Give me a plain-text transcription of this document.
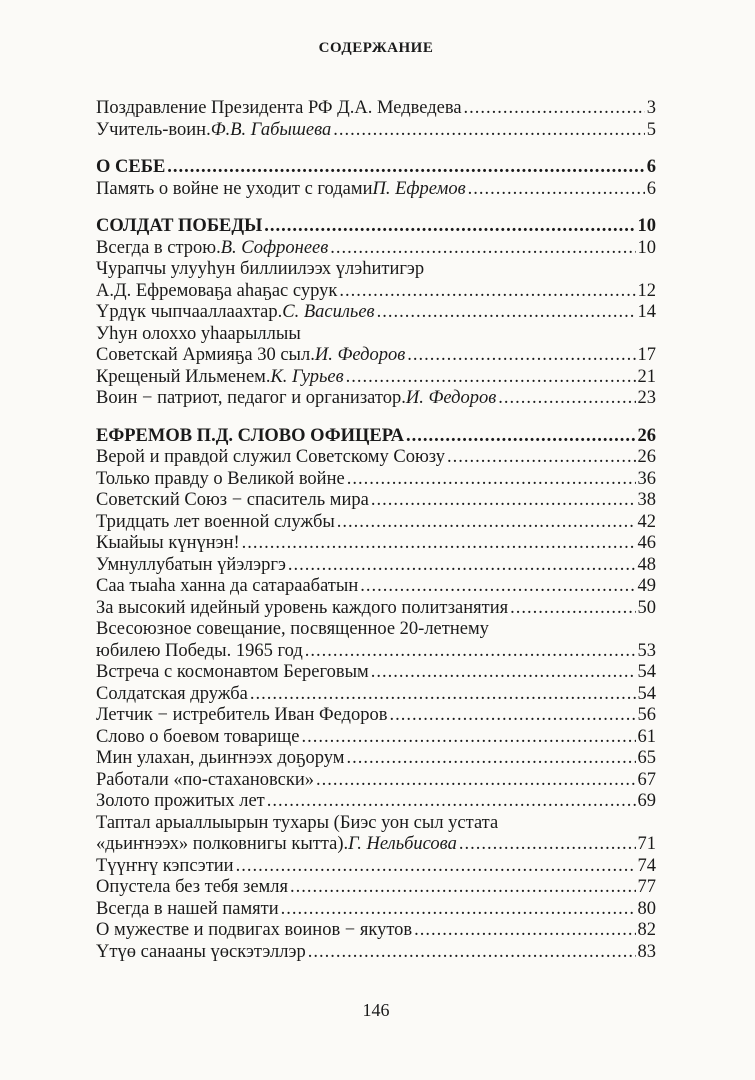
СОДЕРЖАНИЕ
Поздравление Президента РФ Д.А. Медведева .....	3
Учитель-воин. Ф.В. Габышева .....	5
О СЕБЕ .....	6
Память о войне не уходит с годами П. Ефремов .....	6
СОЛДАТ ПОБЕДЫ .....	10
Всегда в строю. В. Софронеев .....	10
Чурапчы улууһун биллиилээх үлэһитигэр
А.Д. Ефремоваҕа аһаҕас сурук .....	12
Үрдүк чыпчааллаахтар. С. Васильев .....	14
Уһун олоххо уһаарыллыы
Советскай Армияҕа 30 сыл. И. Федоров .....	17
Крещеный Ильменем. К. Гурьев .....	21
Воин − патриот, педагог и организатор. И. Федоров .....	23
ЕФРЕМОВ П.Д. СЛОВО ОФИЦЕРА .....	26
Верой и правдой служил Советскому Союзу .....	26
Только правду о Великой войне .....	36
Советский Союз − спаситель мира .....	38
Тридцать лет военной службы .....	42
Кыайыы күнүнэн! .....	46
Умнуллубатын үйэлэргэ .....	48
Саа тыаһа ханна да сатараабатын .....	49
За высокий идейный уровень каждого политзанятия .....	50
Всесоюзное совещание, посвященное 20-летнему
юбилею Победы. 1965 год .....	53
Встреча с космонавтом Береговым .....	54
Солдатская дружба .....	54
Летчик − истребитель Иван Федоров .....	56
Слово о боевом товарище .....	61
Мин улахан, дьиҥнээх доҕорум .....	65
Работали «по-стахановски» .....	67
Золото прожитых лет .....	69
Таптал арыаллыырын тухары (Биэс уон сыл устата
«дьиҥнээх» полковнигы кытта). Г. Нельбисова .....	71
Түүҥҥү кэпсэтии .....	74
Опустела без тебя земля .....	77
Всегда в нашей памяти .....	80
О мужестве и подвигах воинов − якутов .....	82
Үтүө санааны үөскэтэллэр .....	83
146
